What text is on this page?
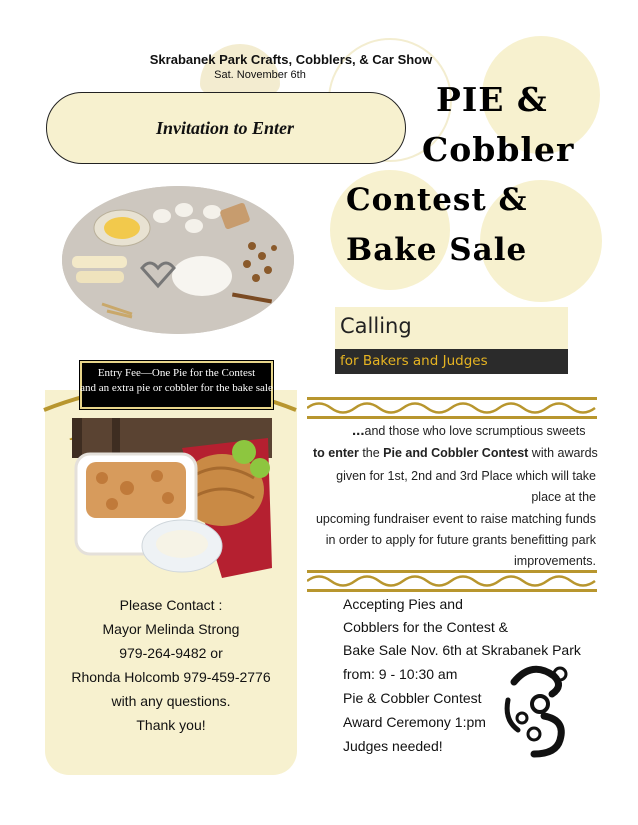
Skrabanek Park Crafts, Cobblers, & Car Show
Sat. November 6th
Invitation to Enter
PIE &
Cobbler
Contest &
Bake Sale
Calling
for Bakers and Judges
Entry Fee—One Pie for the Contest
and an extra pie or cobbler for the bake sale
Please Contact :
Mayor Melinda Strong
979-264-9482 or
Rhonda Holcomb 979-459-2776
with any questions.
Thank you!
...and those who love scrumptious sweets
to enter the Pie and Cobbler Contest with awards
given for 1st, 2nd and 3rd Place which will take
place at the
upcoming fundraiser event to raise matching funds
in order to apply for future grants benefitting park
improvements.
Accepting Pies and
Cobblers for the Contest &
Bake Sale Nov. 6th at Skrabanek Park
from: 9 - 10:30 am
Pie & Cobbler Contest
Award Ceremony 1:pm
Judges needed!
